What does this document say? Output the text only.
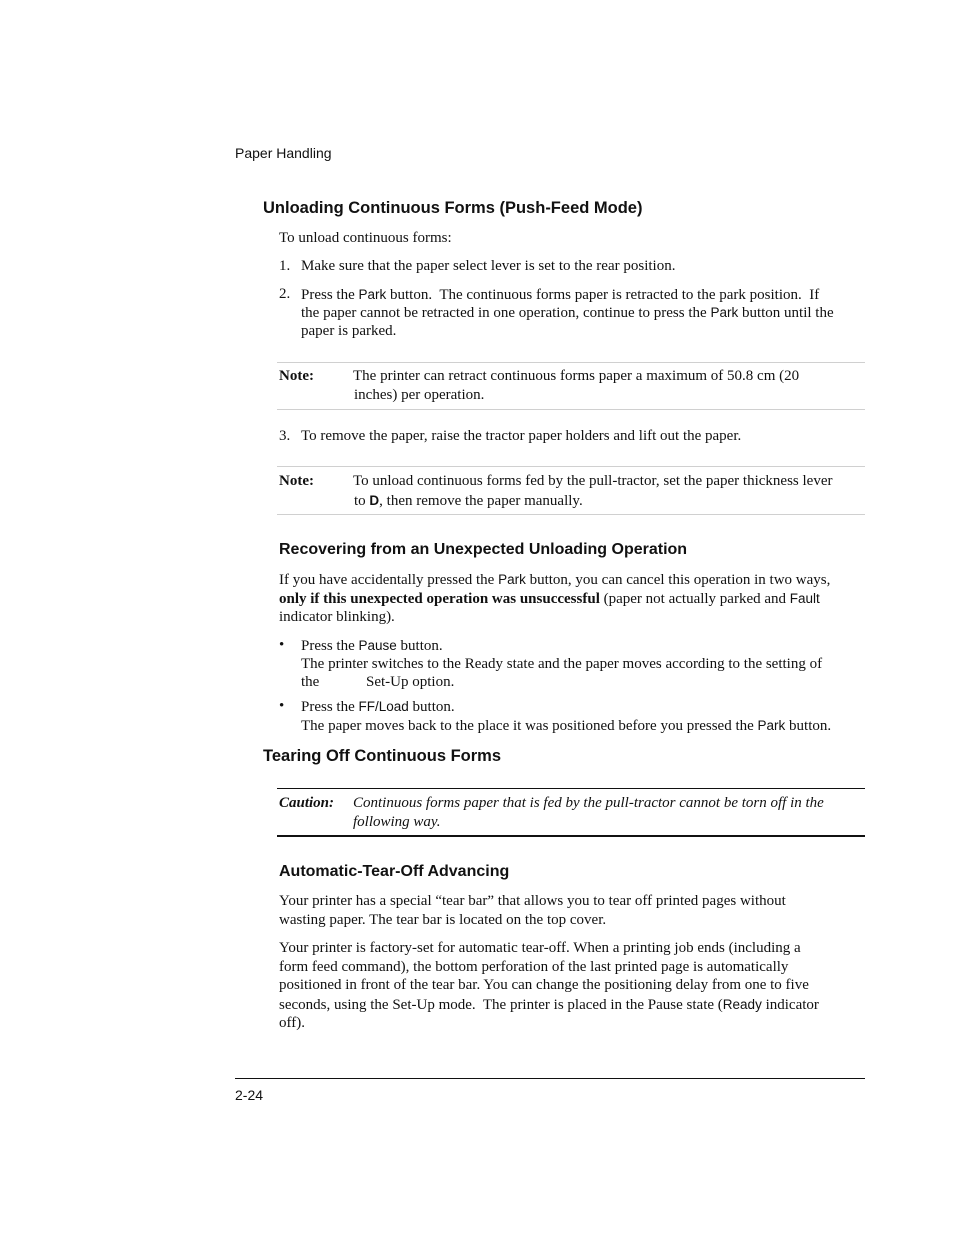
Paper Handling
Unloading Continuous Forms (Push-Feed Mode)
To unload continuous forms:
1. Make sure that the paper select lever is set to the rear position.
2. Press the Park button.  The continuous forms paper is retracted to the park position.  If
the paper cannot be retracted in one operation, continue to press the Park button until the
paper is parked.
Note:	The printer can retract continuous forms paper a maximum of 50.8 cm (20
inches) per operation.
3. To remove the paper, raise the tractor paper holders and lift out the paper.
Note:	To unload continuous forms fed by the pull-tractor, set the paper thickness lever
to D, then remove the paper manually.
Recovering from an Unexpected Unloading Operation
If you have accidentally pressed the Park button, you can cancel this operation in two ways,
only if this unexpected operation was unsuccessful (paper not actually parked and Fault
indicator blinking).
• Press the Pause button.
The printer switches to the Ready state and the paper moves according to the setting of
the	Set-Up option.
• Press the FF/Load button.
The paper moves back to the place it was positioned before you pressed the Park button.
Tearing Off Continuous Forms
Caution: Continuous forms paper that is fed by the pull-tractor cannot be torn off in the
following way.
Automatic-Tear-Off Advancing
Your printer has a special “tear bar” that allows you to tear off printed pages without
wasting paper. The tear bar is located on the top cover.
Your printer is factory-set for automatic tear-off. When a printing job ends (including a
form feed command), the bottom perforation of the last printed page is automatically
positioned in front of the tear bar. You can change the positioning delay from one to five
seconds, using the Set-Up mode.  The printer is placed in the Pause state (Ready indicator
off).
2-24
